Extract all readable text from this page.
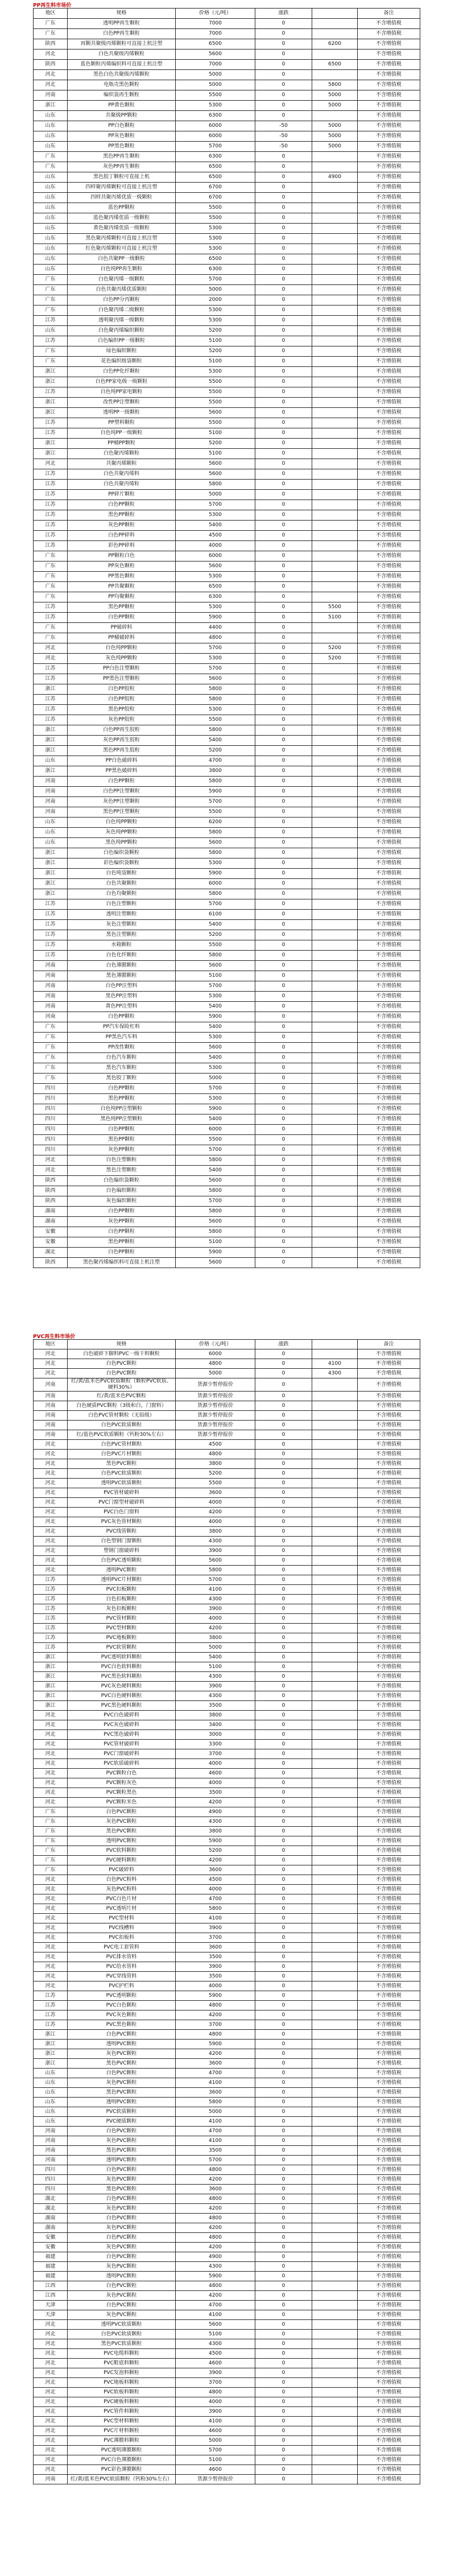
PP再生料市场价
地区	规格	价格（元/吨）	涨跌		备注
广东	透明PP再生颗粒	7000	0		不含增值税
广东	白色PP再生颗粒	7000	0		不含增值税
陕西	再颗共聚级丙烯颗粒可直接上机注塑	6500	0	6200	不含增值税
河北	白色共聚级丙烯颗粒	5600	0		不含增值税
陕西	蓝色颗粒丙烯编织料可直接上机注塑	7000	0	6500	不含增值税
河北	黑色白色共聚级丙烯颗粒	5000	0		不含增值税
河北	电瓶壳黑色颗粒	5000	0	5800	不含增值税
河南	编织袋再生颗粒	5500	0	5000	不含增值税
浙江	PP黄色颗粒	5300	0	5000	不含增值税
山东	共聚级PP颗粒	6300	0		不含增值税
山东	PP白色颗粒	6000	-50	5000	不含增值税
山东	PP灰色颗粒	6000	-50	5000	不含增值税
山东	PP黑色颗粒	5700	-50	5000	不含增值税
广东	黑色PP再生颗粒	6300	0		不含增值税
广东	灰色PP再生颗粒	6500	0		不含增值税
山东	黑色胶丁颗粒可直接上机	6500	0	4900	不含增值税
山东	四样聚丙烯颗粒可直接上机注塑	6700	0		不含增值税
山东	四样共聚丙烯优质一级颗粒	6700	0		不含增值税
山东	蓝色PP颗粒	5500	0		不含增值税
山东	蓝色聚丙烯优质一级颗粒	5500	0		不含增值税
山东	黄色聚丙烯优质一级颗粒	5300	0		不含增值税
山东	黑色聚丙烯颗粒可直接上机注塑	5300	0		不含增值税
山东	红色聚丙烯颗粒可直接上机注塑	5300	0		不含增值税
山东	白色共聚PP一级颗粒	6500	0		不含增值税
山东	白色纯PP再生颗粒	6300	0		不含增值税
广东	白色聚丙烯一级颗粒	5700	0		不含增值税
广东	白色共聚丙烯优质颗粒	5000	0		不含增值税
广东	白色PP分丙颗粒	2000	0		不含增值税
广东	白色聚丙烯二级颗粒	5300	0		不含增值税
江苏	透明聚丙烯一级颗粒	5300	0		不含增值税
山东	白色聚丙烯编织颗粒	5200	0		不含增值税
江苏	白色编织PP一级颗粒	5100	0		不含增值税
广东	绿色编织颗粒	5200	0		不含增值税
广东	花色编织级袋颗粒	5100	0		不含增值税
浙江	白色PP化纤颗粒	5300	0		不含增值税
浙江	白色PP家电级一级颗粒	5500	0		不含增值税
江苏	白色纯PP家电颗粒	5500	0		不含增值税
浙江	改性PP注塑颗粒	5500	0		不含增值税
浙江	透明PP一级颗粒	5600	0		不含增值税
江苏	PP塑料颗粒	5500	0		不含增值税
江苏	白色纯PP一级颗粒	5100	0		不含增值税
浙江	PP桶PP颗粒	5200	0		不含增值税
浙江	白色聚丙烯颗粒	5100	0		不含增值税
河北	共聚丙烯颗粒	5600	0		不含增值税
江苏	白色共聚丙烯料	5600	0		不含增值税
江苏	白色共聚丙烯粒	5800	0		不含增值税
江苏	PP碎片颗粒	5000	0		不含增值税
江苏	白色PP颗粒	5700	0		不含增值税
江苏	黑色PP颗粒	5300	0		不含增值税
江苏	灰色PP颗粒	5400	0		不含增值税
江苏	白色PP碎料	4500	0		不含增值税
江苏	彩色PP碎料	4000	0		不含增值税
广东	PP颗粒白色	6000	0		不含增值税
广东	PP灰色颗粒	5600	0		不含增值税
广东	PP黑色颗粒	5300	0		不含增值税
广东	PP共聚颗粒	6500	0		不含增值税
广东	PP均聚颗粒	6300	0		不含增值税
江苏	黑色PP颗粒	5300	0	5500	不含增值税
江苏	白色PP颗粒	5900	0	5100	不含增值税
广东	PP破碎料	4400	0		不含增值税
广东	PP桶破碎料	4800	0		不含增值税
河北	白色纯PP颗粒	5700	0	5200	不含增值税
河北	灰色纯PP颗粒	5300	0	5200	不含增值税
江苏	PP白色注塑颗粒	5700	0		不含增值税
江苏	PP黑色注塑颗粒	5600	0		不含增值税
浙江	白色PP胶粒	5800	0		不含增值税
江苏	白色PP胶粒	5800	0		不含增值税
江苏	黑色PP胶粒	5300	0		不含增值税
江苏	灰色PP胶粒	5500	0		不含增值税
浙江	白色PP再生胶粒	5800	0		不含增值税
浙江	灰色PP再生胶粒	5400	0		不含增值税
浙江	黑色PP再生胶粒	5200	0		不含增值税
山东	PP白色破碎料	4700	0		不含增值税
浙江	PP黑色破碎料	3800	0		不含增值税
河南	白色PP颗粒	5800	0		不含增值税
河南	白色PP注塑颗粒	5900	0		不含增值税
河南	灰色PP注塑颗粒	5700	0		不含增值税
河南	黑色PP注塑颗粒	5500	0		不含增值税
山东	白色纯PP颗粒	6200	0		不含增值税
山东	灰色纯PP颗粒	5800	0		不含增值税
山东	黑色纯PP颗粒	5600	0		不含增值税
浙江	白色编织袋颗粒	5800	0		不含增值税
浙江	彩色编织袋颗粒	5300	0		不含增值税
浙江	白色吨袋颗粒	5900	0		不含增值税
浙江	白色共聚颗粒	6000	0		不含增值税
浙江	白色均聚颗粒	5800	0		不含增值税
江苏	白色注塑颗粒	5700	0		不含增值税
江苏	透明注塑颗粒	6100	0		不含增值税
江苏	灰色注塑颗粒	5400	0		不含增值税
江苏	黑色注塑颗粒	5200	0		不含增值税
江苏	水箱颗粒	5500	0		不含增值税
江苏	白色化纤颗粒	5800	0		不含增值税
河南	白色薄膜颗粒	5600	0		不含增值税
河南	黑色薄膜颗粒	5100	0		不含增值税
河南	白色PP注塑料	5700	0		不含增值税
河南	黑色PP注塑料	5300	0		不含增值税
河南	黄色PP注塑料	5400	0		不含增值税
河南	白色PP颗粒	5900	0		不含增值税
广东	PP汽车保险杠料	5400	0		不含增值税
广东	PP黑色汽车料	5300	0		不含增值税
广东	PP改性颗粒	5600	0		不含增值税
广东	白色汽车颗粒	5400	0		不含增值税
广东	黑色汽车颗粒	5300	0		不含增值税
广东	黑色胶丁颗粒	5000	0		不含增值税
四川	白色PP颗粒	5700	0		不含增值税
四川	黑色PP颗粒	5300	0		不含增值税
四川	白色纯PP注塑颗粒	5900	0		不含增值税
四川	黑色纯PP注塑颗粒	5400	0		不含增值税
四川	白色PP颗粒	6000	0		不含增值税
四川	黑色PP颗粒	5500	0		不含增值税
四川	灰色PP颗粒	5700	0		不含增值税
河北	白色注塑颗粒	5800	0		不含增值税
河北	黑色注塑颗粒	5400	0		不含增值税
陕西	白色编织袋颗粒	5600	0		不含增值税
陕西	白色编织颗粒	5800	0		不含增值税
陕西	灰色编织颗粒	5700	0		不含增值税
湖南	白色PP颗粒	5800	0		不含增值税
湖南	灰色PP颗粒	5600	0		不含增值税
安徽	白色PP颗粒	5800	0		不含增值税
安徽	黑色PP颗粒	5100	0		不含增值税
湖北	白色PP颗粒	5900	0		不含增值税
陕西	黑色聚丙烯编织料可直接上机注塑	5600	0		不含增值税
PVC再生料市场价
地区	规格	价格（元/吨）	涨跌		备注
河北	白色破碎下脚料PVC一级干料颗粒	6000	0		不含增值税
河北	白色PVC颗粒	4800	0	4100	不含增值税
河北	白色PVC颗粒	5000	0	4300	不含增值税
河南	红/黄/蓝米色PVC软质颗粒（颗粒PVC软质、硬料30%）	货源少暂停报价	0		不含增值税
河南	红/黄/蓝米色PVC颗粒	货源少暂停报价	0		不含增值税
河南	白色硬质PVC颗粒（3级和白，门窗料）	货源少暂停报价	0		不含增值税
河南	白色PVC管材颗粒（无铅级）	货源少暂停报价	0		不含增值税
河南	白色PVC软质颗粒	货源少暂停报价	0		不含增值税
河南	红/蓝色PVC软质颗粒（钙粉30%左右）	货源少暂停报价	0		不含增值税
河北	白色PVC管材颗粒	4500	0		不含增值税
河北	白色PVC片材颗粒	4800	0		不含增值税
河北	黑色PVC颗粒	3800	0		不含增值税
河北	白色PVC软质颗粒	5200	0		不含增值税
河北	透明PVC软质颗粒	5500	0		不含增值税
河北	PVC管材破碎料	3600	0		不含增值税
河北	PVC门窗型材破碎料	4000	0		不含增值税
河北	PVC白色门窗料	4200	0		不含增值税
河北	PVC灰色管材颗粒	4000	0		不含增值税
河北	PVC线管颗粒	3800	0		不含增值税
河北	白色塑钢门窗颗粒	4300	0		不含增值税
河北	塑钢门窗破碎料	3900	0		不含增值税
河北	白色PVC透明颗粒	5600	0		不含增值税
河北	透明PVC颗粒	5800	0		不含增值税
江苏	透明PVC片材颗粒	5700	0		不含增值税
江苏	PVC扣板颗粒	4100	0		不含增值税
江苏	白色扣板颗粒	4300	0		不含增值税
江苏	灰色扣板颗粒	3900	0		不含增值税
江苏	PVC管材颗粒	4000	0		不含增值税
江苏	PVC型材颗粒	4200	0		不含增值税
江苏	PVC地板颗粒	3800	0		不含增值税
江苏	PVC软管颗粒	5000	0		不含增值税
浙江	PVC透明软料颗粒	5400	0		不含增值税
浙江	PVC白色软料颗粒	5100	0		不含增值税
浙江	PVC黑色软料颗粒	4300	0		不含增值税
浙江	PVC灰色硬料颗粒	3900	0		不含增值税
浙江	PVC白色硬料颗粒	4300	0		不含增值税
浙江	PVC黑色硬料颗粒	3500	0		不含增值税
河北	PVC白色破碎料	3800	0		不含增值税
河北	PVC灰色破碎料	3400	0		不含增值税
河北	PVC黑色破碎料	3000	0		不含增值税
河北	PVC管材破碎料	3300	0		不含增值税
河北	PVC门窗破碎料	3700	0		不含增值税
河北	PVC软质破碎料	4000	0		不含增值税
河北	PVC颗粒白色	4600	0		不含增值税
河北	PVC颗粒灰色	4000	0		不含增值税
河北	PVC颗粒黑色	3500	0		不含增值税
河北	PVC颗粒米色	4200	0		不含增值税
广东	白色PVC颗粒	4900	0		不含增值税
广东	灰色PVC颗粒	4300	0		不含增值税
广东	黑色PVC颗粒	3800	0		不含增值税
广东	透明PVC颗粒	5900	0		不含增值税
广东	PVC软料颗粒	5200	0		不含增值税
广东	PVC硬料颗粒	4200	0		不含增值税
广东	PVC破碎料	3600	0		不含增值税
河北	白色PVC粉料	4500	0		不含增值税
河北	灰色PVC粉料	4000	0		不含增值税
河北	PVC白色片材	4700	0		不含增值税
河北	PVC透明片材	5800	0		不含增值税
河北	PVC型材料	4100	0		不含增值税
河北	PVC线槽料	3900	0		不含增值税
河北	PVC扣板料	3700	0		不含增值税
河北	PVC电工套管料	3600	0		不含增值税
河北	PVC排水管料	3500	0		不含增值税
河北	PVC给水管料	3900	0		不含增值税
河北	PVC穿线管料	3500	0		不含增值税
河北	PVC护栏料	4000	0		不含增值税
江苏	PVC透明颗粒	5900	0		不含增值税
江苏	PVC白色颗粒	4800	0		不含增值税
江苏	PVC灰色颗粒	4200	0		不含增值税
江苏	PVC黑色颗粒	3700	0		不含增值税
浙江	白色PVC颗粒	4800	0		不含增值税
浙江	透明PVC颗粒	5900	0		不含增值税
浙江	灰色PVC颗粒	4200	0		不含增值税
浙江	黑色PVC颗粒	3600	0		不含增值税
山东	白色PVC颗粒	4700	0		不含增值税
山东	灰色PVC颗粒	4100	0		不含增值税
山东	黑色PVC颗粒	3600	0		不含增值税
山东	透明PVC颗粒	5800	0		不含增值税
山东	PVC软质颗粒	5000	0		不含增值税
山东	PVC硬质颗粒	4100	0		不含增值税
河南	白色PVC颗粒	4700	0		不含增值税
河南	灰色PVC颗粒	4100	0		不含增值税
河南	黑色PVC颗粒	3500	0		不含增值税
河南	透明PVC颗粒	5700	0		不含增值税
四川	白色PVC颗粒	4800	0		不含增值税
四川	灰色PVC颗粒	4200	0		不含增值税
四川	黑色PVC颗粒	3600	0		不含增值税
湖北	白色PVC颗粒	4800	0		不含增值税
湖北	灰色PVC颗粒	4200	0		不含增值税
湖南	白色PVC颗粒	4800	0		不含增值税
湖南	灰色PVC颗粒	4200	0		不含增值税
安徽	白色PVC颗粒	4800	0		不含增值税
安徽	灰色PVC颗粒	4200	0		不含增值税
福建	白色PVC颗粒	4900	0		不含增值税
福建	灰色PVC颗粒	4300	0		不含增值税
福建	透明PVC颗粒	5900	0		不含增值税
江西	白色PVC颗粒	4800	0		不含增值税
江西	灰色PVC颗粒	4200	0		不含增值税
天津	白色PVC颗粒	4700	0		不含增值税
天津	灰色PVC颗粒	4100	0		不含增值税
河北	透明PVC软质颗粒	5600	0		不含增值税
河北	白色PVC软质颗粒	5100	0		不含增值税
河北	黑色PVC软质颗粒	4300	0		不含增值税
河北	PVC电缆料颗粒	4500	0		不含增值税
河北	PVC鞋底料颗粒	4600	0		不含增值税
河北	PVC发泡料颗粒	3900	0		不含增值税
河北	PVC地板料颗粒	3700	0		不含增值税
河北	PVC软板料颗粒	4800	0		不含增值税
河北	PVC硬板料颗粒	4000	0		不含增值税
河北	PVC管件料颗粒	3900	0		不含增值税
河北	PVC型材料颗粒	4100	0		不含增值税
河北	PVC片材料颗粒	4600	0		不含增值税
河北	PVC薄膜料颗粒	5000	0		不含增值税
河北	PVC透明薄膜颗粒	5700	0		不含增值税
河北	PVC白色薄膜颗粒	5100	0		不含增值税
河北	PVC彩色薄膜颗粒	4600	0		不含增值税
河南	红/黄/蓝米色PVC软质颗粒（钙粉30%左右）	货源少暂停报价	0		不含增值税
